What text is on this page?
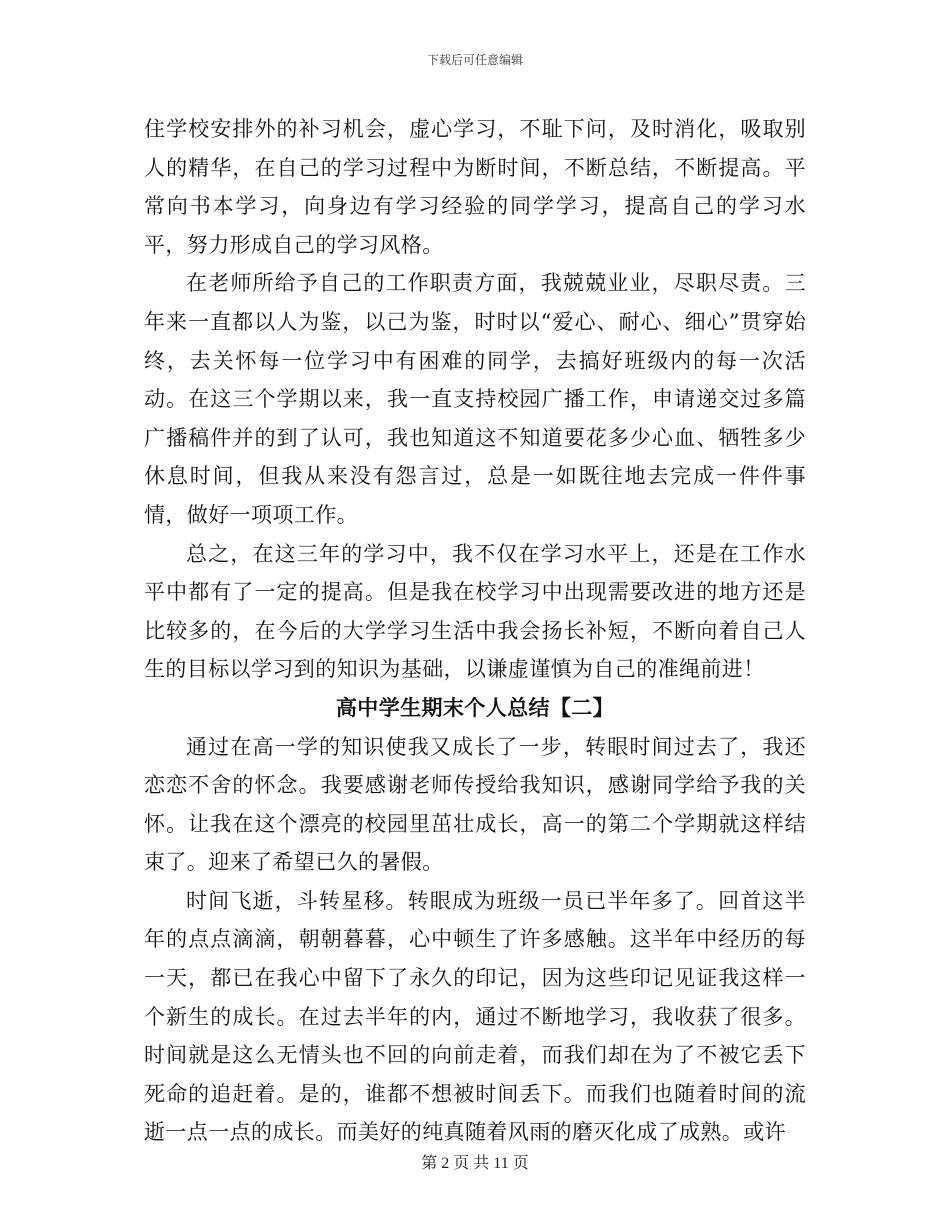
下载后可任意编辑

住学校安排外的补习机会，虚心学习，不耻下问，及时消化，吸取别人的精华，在自己的学习过程中为断时间，不断总结，不断提高。平常向书本学习，向身边有学习经验的同学学习，提高自己的学习水平，努力形成自己的学习风格。

在老师所给予自己的工作职责方面，我兢兢业业，尽职尽责。三年来一直都以人为鉴，以己为鉴，时时以“爱心、耐心、细心”贯穿始终，去关怀每一位学习中有困难的同学，去搞好班级内的每一次活动。在这三个学期以来，我一直支持校园广播工作，申请递交过多篇广播稿件并的到了认可，我也知道这不知道要花多少心血、牺牲多少休息时间，但我从来没有怨言过，总是一如既往地去完成一件件事情，做好一项项工作。

总之，在这三年的学习中，我不仅在学习水平上，还是在工作水平中都有了一定的提高。但是我在校学习中出现需要改进的地方还是比较多的，在今后的大学学习生活中我会扬长补短，不断向着自己人生的目标以学习到的知识为基础，以谦虚谨慎为自己的准绳前进！

高中学生期末个人总结【二】

通过在高一学的知识使我又成长了一步，转眼时间过去了，我还恋恋不舍的怀念。我要感谢老师传授给我知识，感谢同学给予我的关怀。让我在这个漂亮的校园里茁壮成长，高一的第二个学期就这样结束了。迎来了希望已久的暑假。

时间飞逝，斗转星移。转眼成为班级一员已半年多了。回首这半年的点点滴滴，朝朝暮暮，心中顿生了许多感触。这半年中经历的每一天，都已在我心中留下了永久的印记，因为这些印记见证我这样一个新生的成长。在过去半年的内，通过不断地学习，我收获了很多。时间就是这么无情头也不回的向前走着，而我们却在为了不被它丢下死命的追赶着。是的，谁都不想被时间丢下。而我们也随着时间的流逝一点一点的成长。而美好的纯真随着风雨的磨灭化成了成熟。或许

第 2 页 共 11 页
